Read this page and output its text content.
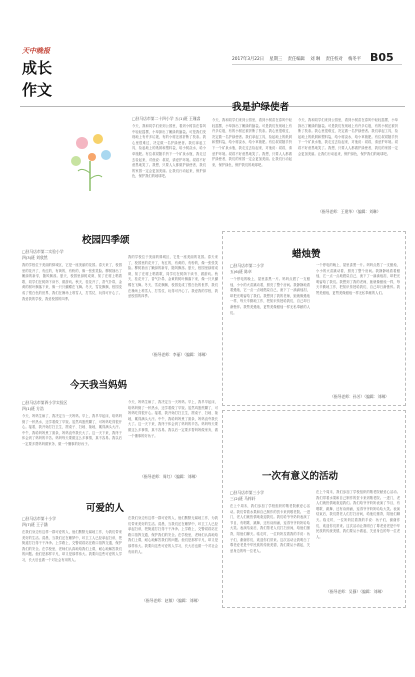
天中晚报
成长
作文
2017年3月22日 星期三 责任编辑 刘 琳 责任校对 梅冬平 B05
我是护绿使者
□驻马店市第二十四小学 五(1)班 王瑾睿
今天，我和同学们来到公园里，看到小树苗在春风中轻轻摇摆，小草探出了嫩绿的脑袋。可是我们发现地上有许多垃圾，有的小树还被折断了枝条。我心里很难过，决定做一名护绿使者。我们拿起工具，捡起地上的纸屑和塑料袋，给小树浇水，给小草施肥。有位叔叔随手扔下一个矿泉水瓶，我走过去捡起来，对他说：叔叔，请爱护环境。叔叔不好意思地笑了。我想，只要人人都做护绿使者，我们的家园一定会更加美丽。让我们行动起来，保护绿色，保护我们的地球吧。
今天，我和同学们来到公园里，看到小树苗在春风中轻轻摇摆，小草探出了嫩绿的脑袋。可是我们发现地上有许多垃圾，有的小树还被折断了枝条。我心里很难过，决定做一名护绿使者。我们拿起工具，捡起地上的纸屑和塑料袋，给小树浇水，给小草施肥。有位叔叔随手扔下一个矿泉水瓶，我走过去捡起来，对他说：叔叔，请爱护环境。叔叔不好意思地笑了。我想，只要人人都做护绿使者，我们的家园一定会更加美丽。让我们行动起来，保护绿色，保护我们的地球吧。
今天，我和同学们来到公园里，看到小树苗在春风中轻轻摇摆，小草探出了嫩绿的脑袋。可是我们发现地上有许多垃圾，有的小树还被折断了枝条。我心里很难过，决定做一名护绿使者。我们拿起工具，捡起地上的纸屑和塑料袋，给小树浇水，给小草施肥。有位叔叔随手扔下一个矿泉水瓶，我走过去捡起来，对他说：叔叔，请爱护环境。叔叔不好意思地笑了。我想，只要人人都做护绿使者，我们的家园一定会更加美丽。让我们行动起来，保护绿色，保护我们的地球吧。
（指导老师：王建华）（编辑：刘琳）
校园四季颂
□驻马店市第二实验小学
四(3)班 刘欣然
我的学校位于美丽的驿城区，它是一座美丽的花园。春天来了，校园里的花开了，有红的，有黄的，有粉的，像一张张笑脸。柳树抽出了嫩绿的新芽，随风飘荡。夏天，校园里绿树成荫，知了在树上唱着歌，同学们在树荫下读书、做游戏。秋天，桂花开了，香气扑鼻，金黄的树叶飘落下来，像一只只蝴蝶在飞舞。冬天，雪花飘飘，校园变成了银白色的世界，我们在操场上堆雪人、打雪仗，玩得可开心了。我爱我的学校，我爱校园的四季。
我的学校位于美丽的驿城区，它是一座美丽的花园。春天来了，校园里的花开了，有红的，有黄的，有粉的，像一张张笑脸。柳树抽出了嫩绿的新芽，随风飘荡。夏天，校园里绿树成荫，知了在树上唱着歌，同学们在树荫下读书、做游戏。秋天，桂花开了，香气扑鼻，金黄的树叶飘落下来，像一只只蝴蝶在飞舞。冬天，雪花飘飘，校园变成了银白色的世界，我们在操场上堆雪人、打雪仗，玩得可开心了。我爱我的学校，我爱校园的四季。
（指导老师：李丽）（编辑：刘琳）
蜡烛赞
□驻马店市第二小学
五(6)班 陈卓
一个停电的晚上，屋里漆黑一片。妈妈点燃了一支蜡烛，小小的火苗跳动着，照亮了整个房间。我静静地看着蜡烛，它一点一点地燃烧自己，流下了一滴滴烛泪，却把光明留给了我们。我想到了我的老师，她就像蜡烛一样，每天辛勤地工作，把知识传授给我们，自己却日渐憔悴。我赞美蜡烛，更赞美像蜡烛一样无私奉献的人们。
一个停电的晚上，屋里漆黑一片。妈妈点燃了一支蜡烛，小小的火苗跳动着，照亮了整个房间。我静静地看着蜡烛，它一点一点地燃烧自己，流下了一滴滴烛泪，却把光明留给了我们。我想到了我的老师，她就像蜡烛一样，每天辛勤地工作，把知识传授给我们，自己却日渐憔悴。我赞美蜡烛，更赞美像蜡烛一样无私奉献的人们。
（指导老师：孙芳）（编辑：刘琳）
今天我当妈妈
□驻马店市第四小学实验区
四(1)班 方浩
今天，妈妈生病了，我决定当一天妈妈。早上，我早早起床，给妈妈倒了一杯热水，还学着做了早饭。虽然鸡蛋煎糊了，可妈妈吃得很开心。接着，我开始打扫卫生，擦桌子、扫地、拖地，累得满头大汗。中午，我给妈妈煮了面条，妈妈直夸我长大了。这一天下来，我终于体会到了妈妈的辛苦。妈妈每天要做这么多事情，真不容易。我以后一定要多帮妈妈做家务，做一个懂事的好孩子。
今天，妈妈生病了，我决定当一天妈妈。早上，我早早起床，给妈妈倒了一杯热水，还学着做了早饭。虽然鸡蛋煎糊了，可妈妈吃得很开心。接着，我开始打扫卫生，擦桌子、扫地、拖地，累得满头大汗。中午，我给妈妈煮了面条，妈妈直夸我长大了。这一天下来，我终于体会到了妈妈的辛苦。妈妈每天要做这么多事情，真不容易。我以后一定要多帮妈妈做家务，做一个懂事的好孩子。
（指导老师：周红）（编辑：刘琳）	一次有意义的活动
□驻马店市第三小学
三(2)班 马梓轩
在上个周末，我们参加了学校组织的敬老院献爱心活动。我们带着水果和自己制作的贺卡来到敬老院。一进门，老人们就热情地欢迎我们。我们给爷爷奶奶表演了节目，有唱歌、跳舞，还有诗朗诵，逗得爷爷奶奶哈哈大笑。表演结束后，我们帮老人们打扫房间，给他们捶背，陪他们聊天。临走时，一位奶奶拉着我的手说：孩子们，谢谢你们，欢迎你们常来。这次活动让我明白了尊老爱老是中华民族的传统美德，我们要从小做起，关爱身边的每一位老人。
在上个周末，我们参加了学校组织的敬老院献爱心活动。我们带着水果和自己制作的贺卡来到敬老院。一进门，老人们就热情地欢迎我们。我们给爷爷奶奶表演了节目，有唱歌、跳舞，还有诗朗诵，逗得爷爷奶奶哈哈大笑。表演结束后，我们帮老人们打扫房间，给他们捶背，陪他们聊天。临走时，一位奶奶拉着我的手说：孩子们，谢谢你们，欢迎你们常来。这次活动让我明白了尊老爱老是中华民族的传统美德，我们要从小做起，关爱身边的每一位老人。
（指导老师：吴静）（编辑：刘琳）
可爱的人
□驻马店市第十小学
四(7)班 王子涵
在我们身边有这样一群可爱的人，他们默默无闻地工作，为我们带来美好的生活。清晨，当我们还在睡梦中，环卫工人已经拿起扫帚，把街道打扫得干干净净。上学路上，交警叔叔站在路口指挥交通，保护我们的安全。在学校里，老师们认真地给我们上课，耐心地解答我们的问题。他们是那样平凡，却又是那样伟大。我要向这些可爱的人学习，长大后也做一个对社会有用的人。
在我们身边有这样一群可爱的人，他们默默无闻地工作，为我们带来美好的生活。清晨，当我们还在睡梦中，环卫工人已经拿起扫帚，把街道打扫得干干净净。上学路上，交警叔叔站在路口指挥交通，保护我们的安全。在学校里，老师们认真地给我们上课，耐心地解答我们的问题。他们是那样平凡，却又是那样伟大。我要向这些可爱的人学习，长大后也做一个对社会有用的人。
（指导老师：赵敏）（编辑：刘琳）
